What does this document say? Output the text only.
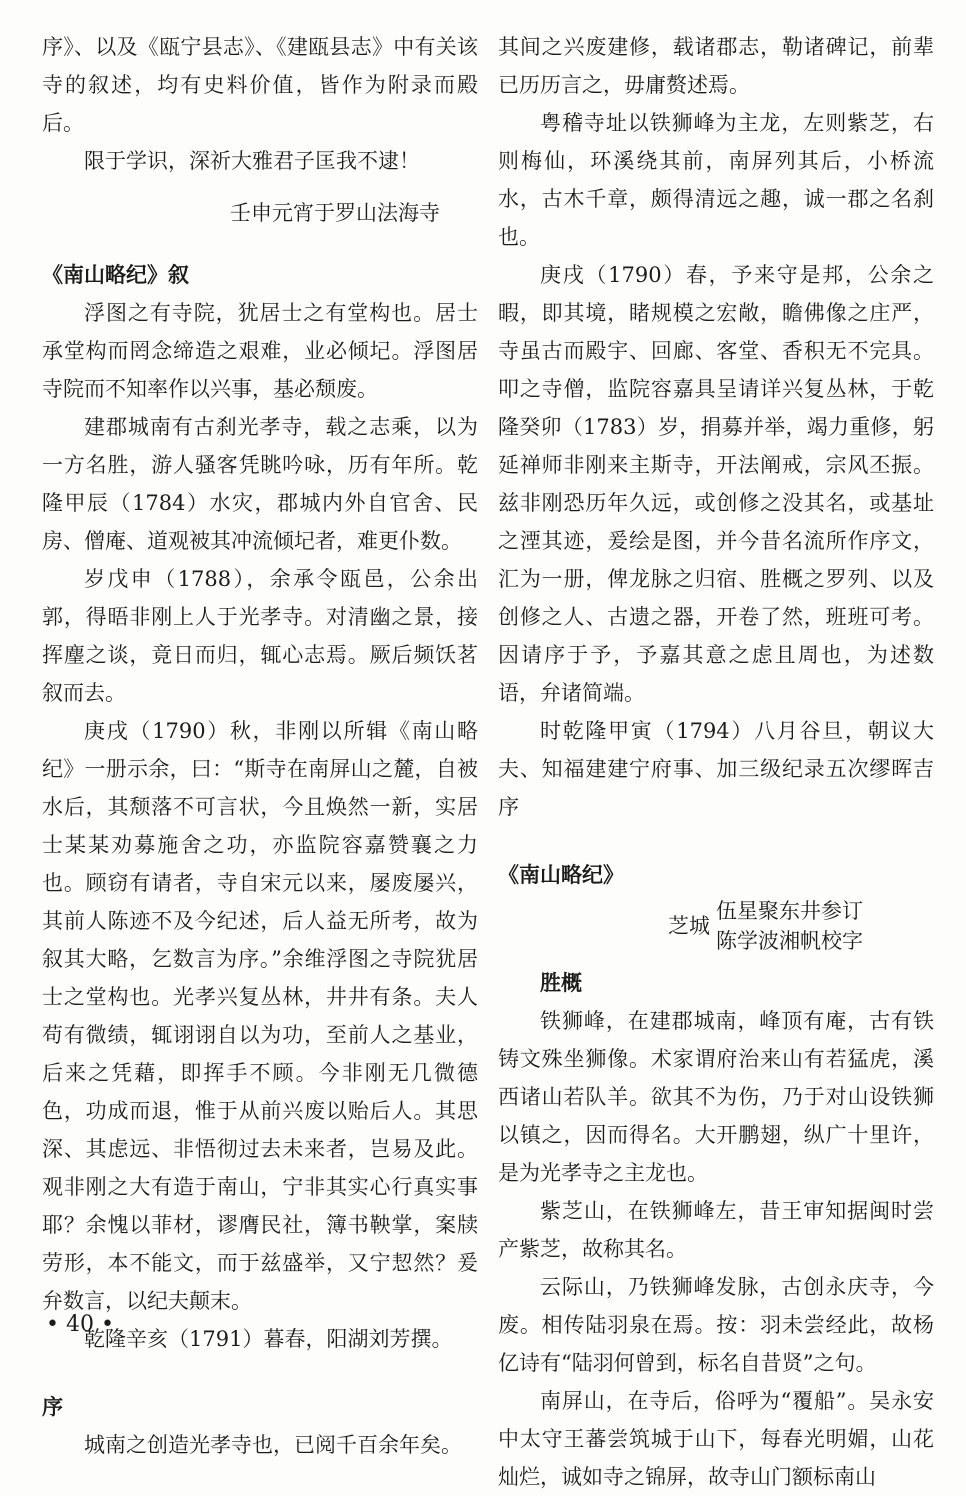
序》、以及《瓯宁县志》、《建瓯县志》中有关该寺的叙述，均有史料价值，皆作为附录而殿后。

限于学识，深祈大雅君子匡我不逮！

壬申元宵于罗山法海寺

《南山略纪》叙

浮图之有寺院，犹居士之有堂构也。居士承堂构而罔念缔造之艰难，业必倾圮。浮图居寺院而不知率作以兴事，基必颓废。

建郡城南有古刹光孝寺，载之志乘，以为一方名胜，游人骚客凭眺吟咏，历有年所。乾隆甲辰（1784）水灾，郡城内外自官舍、民房、僧庵、道观被其冲流倾圮者，难更仆数。

岁戊申（1788），余承令瓯邑，公余出郭，得晤非刚上人于光孝寺。对清幽之景，接挥麈之谈，竟日而归，辄心志焉。厥后频饫茗叙而去。

庚戌（1790）秋，非刚以所辑《南山略纪》一册示余，曰：“斯寺在南屏山之麓，自被水后，其颓落不可言状，今且焕然一新，实居士某某劝募施舍之功，亦监院容嘉赞襄之力也。顾窃有请者，寺自宋元以来，屡废屡兴，其前人陈迹不及今纪述，后人益无所考，故为叙其大略，乞数言为序。”余维浮图之寺院犹居士之堂构也。光孝兴复丛林，井井有条。夫人苟有微绩，辄诩诩自以为功，至前人之基业，后来之凭藉，即挥手不顾。今非刚无几微德色，功成而退，惟于从前兴废以贻后人。其思深、其虑远、非悟彻过去未来者，岂易及此。观非刚之大有造于南山，宁非其实心行真实事耶？余愧以菲材，谬膺民社，簿书鞅掌，案牍劳形，本不能文，而于兹盛举，又宁恝然？爰弁数言，以纪夫颠末。

乾隆辛亥（1791）暮春，阳湖刘芳撰。

序

城南之创造光孝寺也，已阅千百余年矣。

其间之兴废建修，载诸郡志，勒诸碑记，前辈已历历言之，毋庸赘述焉。

粤稽寺址以铁狮峰为主龙，左则紫芝，右则梅仙，环溪绕其前，南屏列其后，小桥流水，古木千章，颇得清远之趣，诚一郡之名刹也。

庚戌（1790）春，予来守是邦，公余之暇，即其境，睹规模之宏敞，瞻佛像之庄严，寺虽古而殿宇、回廊、客堂、香积无不完具。叩之寺僧，监院容嘉具呈请详兴复丛林，于乾隆癸卯（1783）岁，捐募并举，竭力重修，躬延禅师非刚来主斯寺，开法阐戒，宗风丕振。兹非刚恐历年久远，或创修之没其名，或基址之湮其迹，爰绘是图，并今昔名流所作序文，汇为一册，俾龙脉之归宿、胜概之罗列、以及创修之人、古遗之器，开卷了然，班班可考。因请序于予，予嘉其意之虑且周也，为述数语，弁诸简端。

时乾隆甲寅（1794）八月谷旦，朝议大夫、知福建建宁府事、加三级纪录五次缪晖吉序

《南山略纪》
芝城
伍星聚东井参订
陈学波湘帆校字

胜概

铁狮峰，在建郡城南，峰顶有庵，古有铁铸文殊坐狮像。术家谓府治来山有若猛虎，溪西诸山若队羊。欲其不为伤，乃于对山设铁狮以镇之，因而得名。大开鹏翅，纵广十里许，是为光孝寺之主龙也。

紫芝山，在铁狮峰左，昔王审知据闽时尝产紫芝，故称其名。

云际山，乃铁狮峰发脉，古创永庆寺，今废。相传陆羽泉在焉。按：羽未尝经此，故杨亿诗有“陆羽何曾到，标名自昔贤”之句。

南屏山，在寺后，俗呼为“覆船”。吴永安中太守王蕃尝筑城于山下，每春光明媚，山花灿烂，诚如寺之锦屏，故寺山门额标南山

• 40 •
